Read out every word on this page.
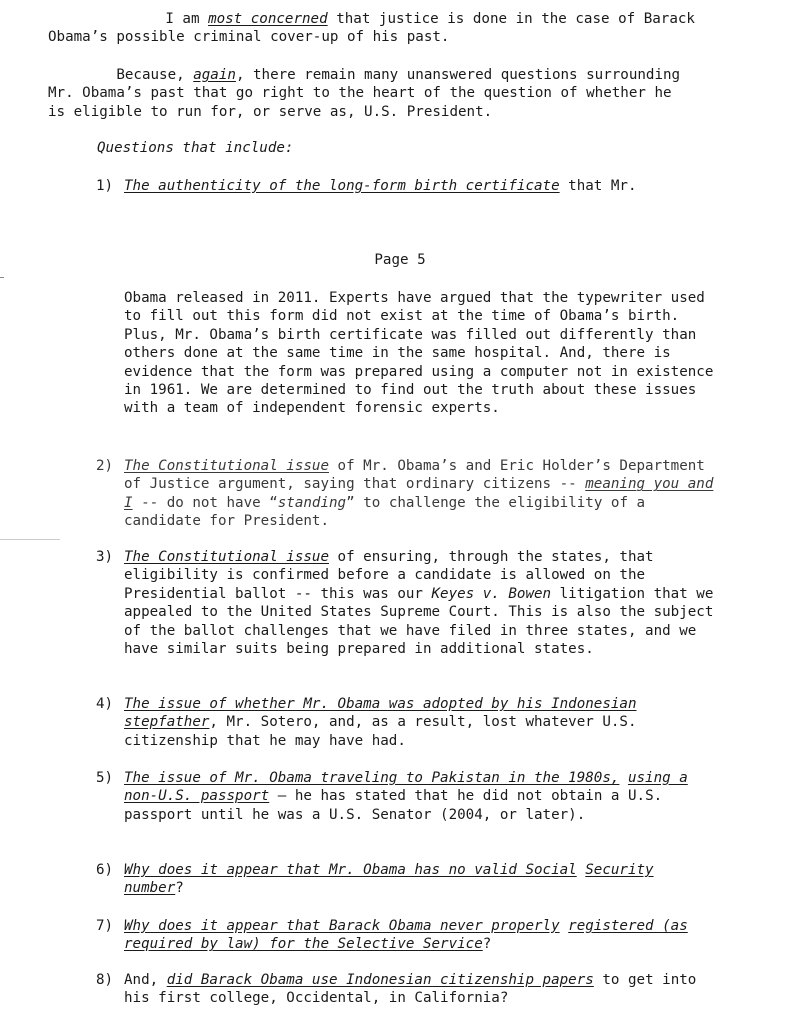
I am most concerned that justice is done in the case of Barack
Obama’s possible criminal cover-up of his past.

Because, again, there remain many unanswered questions surrounding
Mr. Obama’s past that go right to the heart of the question of whether he
is eligible to run for, or serve as, U.S. President.

Questions that include:

1) The authenticity of the long-form birth certificate that Mr.

Page 5

Obama released in 2011. Experts have argued that the typewriter used to fill out this form did not exist at the time of Obama’s birth. Plus, Mr. Obama’s birth certificate was filled out differently than others done at the same time in the same hospital. And, there is evidence that the form was prepared using a computer not in existence in 1961. We are determined to find out the truth about these issues with a team of independent forensic experts.

2) The Constitutional issue of Mr. Obama’s and Eric Holder’s Department of Justice argument, saying that ordinary citizens -- meaning you and I -- do not have “standing” to challenge the eligibility of a candidate for President.

3) The Constitutional issue of ensuring, through the states, that eligibility is confirmed before a candidate is allowed on the Presidential ballot -- this was our Keyes v. Bowen litigation that we appealed to the United States Supreme Court. This is also the subject of the ballot challenges that we have filed in three states, and we have similar suits being prepared in additional states.

4) The issue of whether Mr. Obama was adopted by his Indonesian stepfather, Mr. Sotero, and, as a result, lost whatever U.S. citizenship that he may have had.

5) The issue of Mr. Obama traveling to Pakistan in the 1980s, using a non-U.S. passport — he has stated that he did not obtain a U.S. passport until he was a U.S. Senator (2004, or later).

6) Why does it appear that Mr. Obama has no valid Social Security number?

7) Why does it appear that Barack Obama never properly registered (as required by law) for the Selective Service?

8) And, did Barack Obama use Indonesian citizenship papers to get into his first college, Occidental, in California?
